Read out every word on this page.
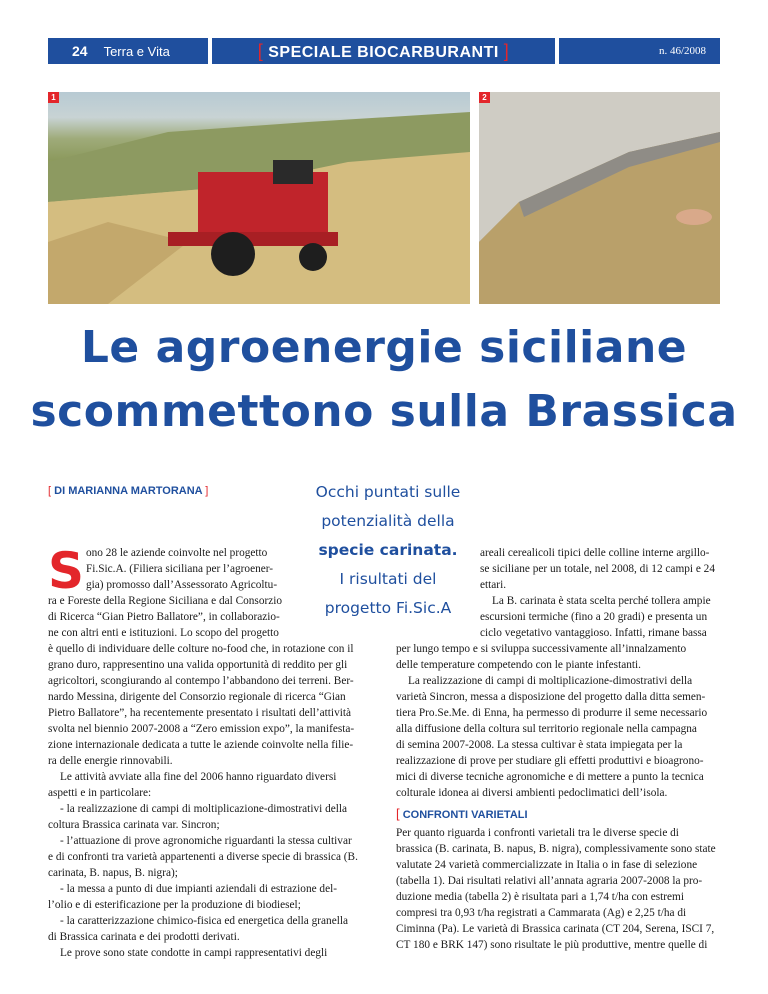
24 Terra e Vita	[ SPECIALE BIOCARBURANTI ]	n. 46/2008
1	2
Le agroenergie siciliane
scommettono sulla Brassica
[ DI MARIANNA MARTORANA ]	Occhi puntati sulle
potenzialità della
specie carinata.
I risultati del
progetto Fi.Sic.A
S ono 28 le aziende coinvolte nel progetto
Fi.Sic.A. (Filiera siciliana per l’agroener-
gia) promosso dall’Assessorato Agricoltu-
ra e Foreste della Regione Siciliana e dal Consorzio
di Ricerca “Gian Pietro Ballatore”, in collaborazio-
ne con altri enti e istituzioni. Lo scopo del progetto
è quello di individuare delle colture no-food che, in rotazione con il
grano duro, rappresentino una valida opportunità di reddito per gli
agricoltori, scongiurando al contempo l’abbandono dei terreni. Ber-
nardo Messina, dirigente del Consorzio regionale di ricerca “Gian
Pietro Ballatore”, ha recentemente presentato i risultati dell’attività
svolta nel biennio 2007-2008 a “Zero emission expo”, la manifesta-
zione internazionale dedicata a tutte le aziende coinvolte nella filie-
ra delle energie rinnovabili.
Le attività avviate alla fine del 2006 hanno riguardato diversi
aspetti e in particolare:
- la realizzazione di campi di moltiplicazione-dimostrativi della
coltura Brassica carinata var. Sincron;
- l’attuazione di prove agronomiche riguardanti la stessa cultivar
e di confronti tra varietà appartenenti a diverse specie di brassica (B.
carinata, B. napus, B. nigra);
- la messa a punto di due impianti aziendali di estrazione del-
l’olio e di esterificazione per la produzione di biodiesel;
- la caratterizzazione chimico-fisica ed energetica della granella
di Brassica carinata e dei prodotti derivati.
Le prove sono state condotte in campi rappresentativi degli
areali cerealicoli tipici delle colline interne argillo-
se siciliane per un totale, nel 2008, di 12 campi e 24
ettari.
La B. carinata è stata scelta perché tollera ampie
escursioni termiche (fino a 20 gradi) e presenta un
ciclo vegetativo vantaggioso. Infatti, rimane bassa
per lungo tempo e si sviluppa successivamente all’innalzamento
delle temperature competendo con le piante infestanti.
La realizzazione di campi di moltiplicazione-dimostrativi della
varietà Sincron, messa a disposizione del progetto dalla ditta semen-
tiera Pro.Se.Me. di Enna, ha permesso di produrre il seme necessario
alla diffusione della coltura sul territorio regionale nella campagna
di semina 2007-2008. La stessa cultivar è stata impiegata per la
realizzazione di prove per studiare gli effetti produttivi e bioagrono-
mici di diverse tecniche agronomiche e di mettere a punto la tecnica
colturale idonea ai diversi ambienti pedoclimatici dell’isola.
[ CONFRONTI VARIETALI
Per quanto riguarda i confronti varietali tra le diverse specie di
brassica (B. carinata, B. napus, B. nigra), complessivamente sono state
valutate 24 varietà commercializzate in Italia o in fase di selezione
(tabella 1). Dai risultati relativi all’annata agraria 2007-2008 la pro-
duzione media (tabella 2) è risultata pari a 1,74 t/ha con estremi
compresi tra 0,93 t/ha registrati a Cammarata (Ag) e 2,25 t/ha di
Ciminna (Pa). Le varietà di Brassica carinata (CT 204, Serena, ISCI 7,
CT 180 e BRK 147) sono risultate le più produttive, mentre quelle di
